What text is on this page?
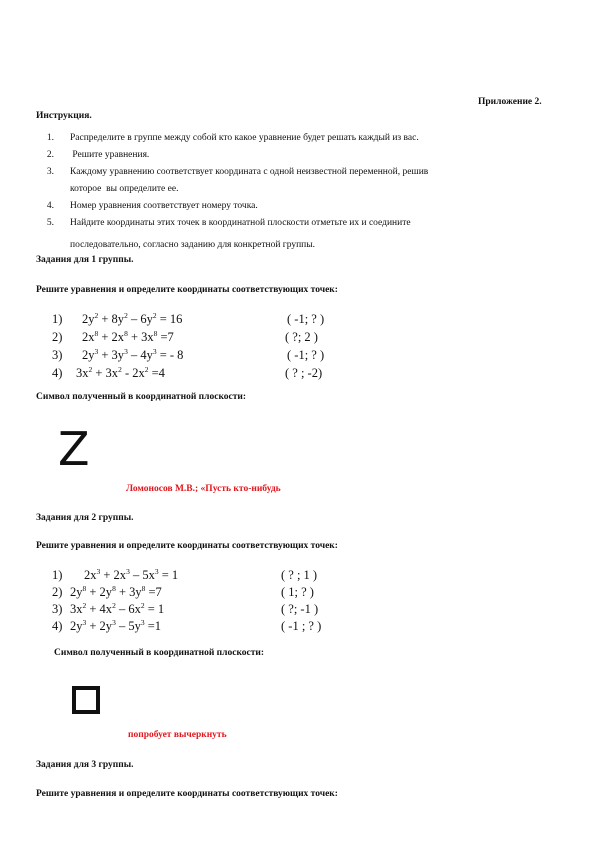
Приложение 2.
Инструкция.
1. Распределите в группе между собой кто какое уравнение будет решать каждый из вас.
2. Решите уравнения.
3. Каждому уравнению соответствует координата с одной неизвестной переменной, решив
которое  вы определите ее.
4. Номер уравнения соответствует номеру точка.
5. Найдите координаты этих точек в координатной плоскости отметьте их и соедините
последовательно, согласно заданию для конкретной группы.
Задания для 1 группы.
Решите уравнения и определите координаты соответствующих точек:
1) $2y^2 + 8y^2 - 6y^2 = 16$	( -1; ? )
2) $2x^8 + 2x^8 + 3x^8 =7$	( ?; 2 )
3) $2y^3 + 3y^3 - 4y^3$ = - 8	( -1; ? )
4) $3x^2 + 3x^2 - 2x^2 =4$	( ? ; -2)
Символ полученный в координатной плоскости:
Z
Ломоносов М.В.; «Пусть кто-нибудь
Задания для 2 группы.
Решите уравнения и определите координаты соответствующих точек:
1) $2x^3 + 2x^3 - 5x^3 = 1$	( ? ; 1 )
2) $2y^8 + 2y^8 + 3y^8 =7$	( 1; ? )
3) $3x^2 + 4x^2 - 6x^2 = 1$	( ?; -1 )
4) $2y^3 + 2y^3 - 5y^3 =1$	( -1 ; ? )
Символ полученный в координатной плоскости:
попробует вычеркнуть
Задания для 3 группы.
Решите уравнения и определите координаты соответствующих точек:
